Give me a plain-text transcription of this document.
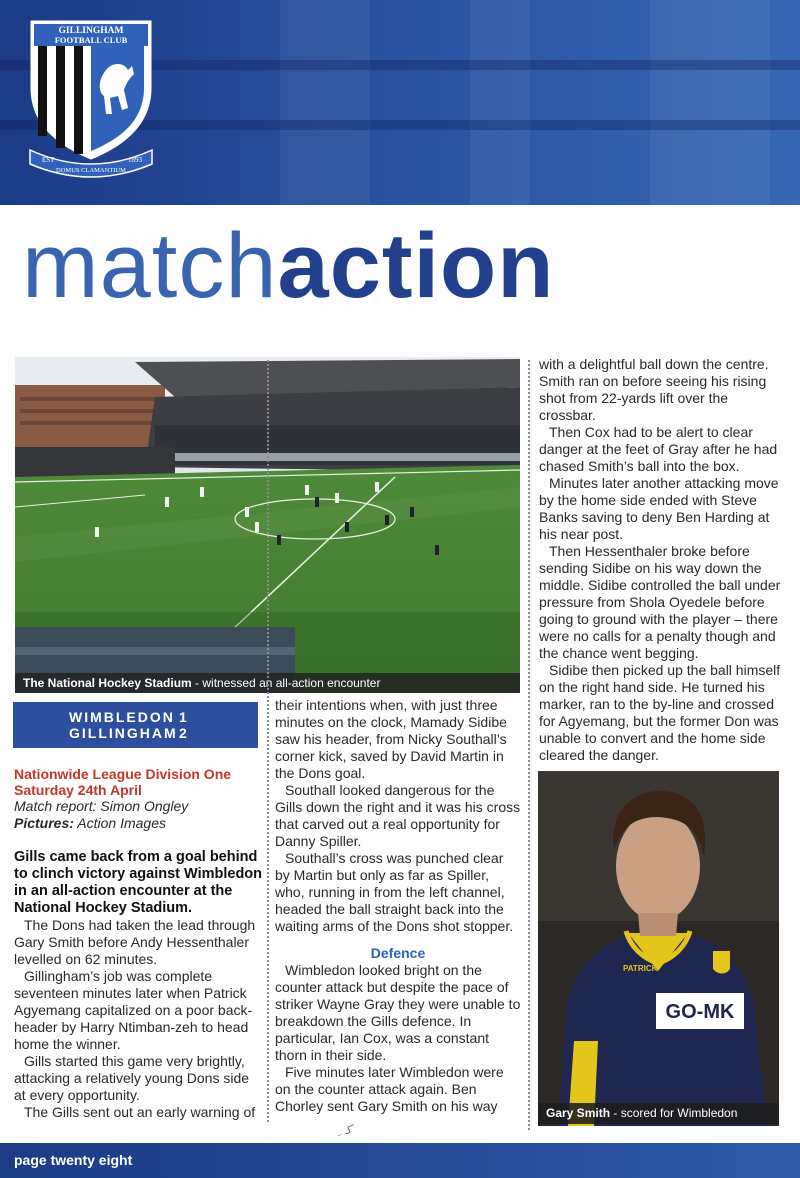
GILLINGHAM
FOOTBALL CLUB
EST
DOMUS CLAMANTIUM
1893
matchaction
The National Hockey Stadium - witnessed an all-action encounter
WIMBLEDON 1
GILLINGHAM2
Nationwide League Division One
Saturday 24th April
Match report: Simon Ongley
Pictures: Action Images
Gills came back from a goal behind to clinch victory against Wimbledon in an all-action encounter at the National Hockey Stadium.

The Dons had taken the lead through Gary Smith before Andy Hessenthaler levelled on 62 minutes.

Gillingham’s job was complete seventeen minutes later when Patrick Agyemang capitalized on a poor back-header by Harry Ntimban-zeh to head home the winner.

Gills started this game very brightly, attacking a relatively young Dons side at every opportunity.

The Gills sent out an early warning of

their intentions when, with just three minutes on the clock, Mamady Sidibe saw his header, from Nicky Southall’s corner kick, saved by David Martin in the Dons goal.

Southall looked dangerous for the Gills down the right and it was his cross that carved out a real opportunity for Danny Spiller.

Southall’s cross was punched clear by Martin but only as far as Spiller, who, running in from the left channel, headed the ball straight back into the waiting arms of the Dons shot stopper.

Defence

Wimbledon looked bright on the counter attack but despite the pace of striker Wayne Gray they were unable to breakdown the Gills defence. In particular, Ian Cox, was a constant thorn in their side.

Five minutes later Wimbledon were on the counter attack again. Ben Chorley sent Gary Smith on his way

with a delightful ball down the centre. Smith ran on before seeing his rising shot from 22-yards lift over the crossbar.

Then Cox had to be alert to clear danger at the feet of Gray after he had chased Smith’s ball into the box.

Minutes later another attacking move by the home side ended with Steve Banks saving to deny Ben Harding at his near post.

Then Hessenthaler broke before sending Sidibe on his way down the middle. Sidibe controlled the ball under pressure from Shola Oyedele before going to ground with the player – there were no calls for a penalty though and the chance went begging.

Sidibe then picked up the ball himself on the right hand side. He turned his marker, ran to the by-line and crossed for Agyemang, but the former Don was unable to convert and the home side cleared the danger.

GO-MK
PATRICK
Gary Smith - scored for Wimbledon
ﮐ ﹺ
page twenty eight
